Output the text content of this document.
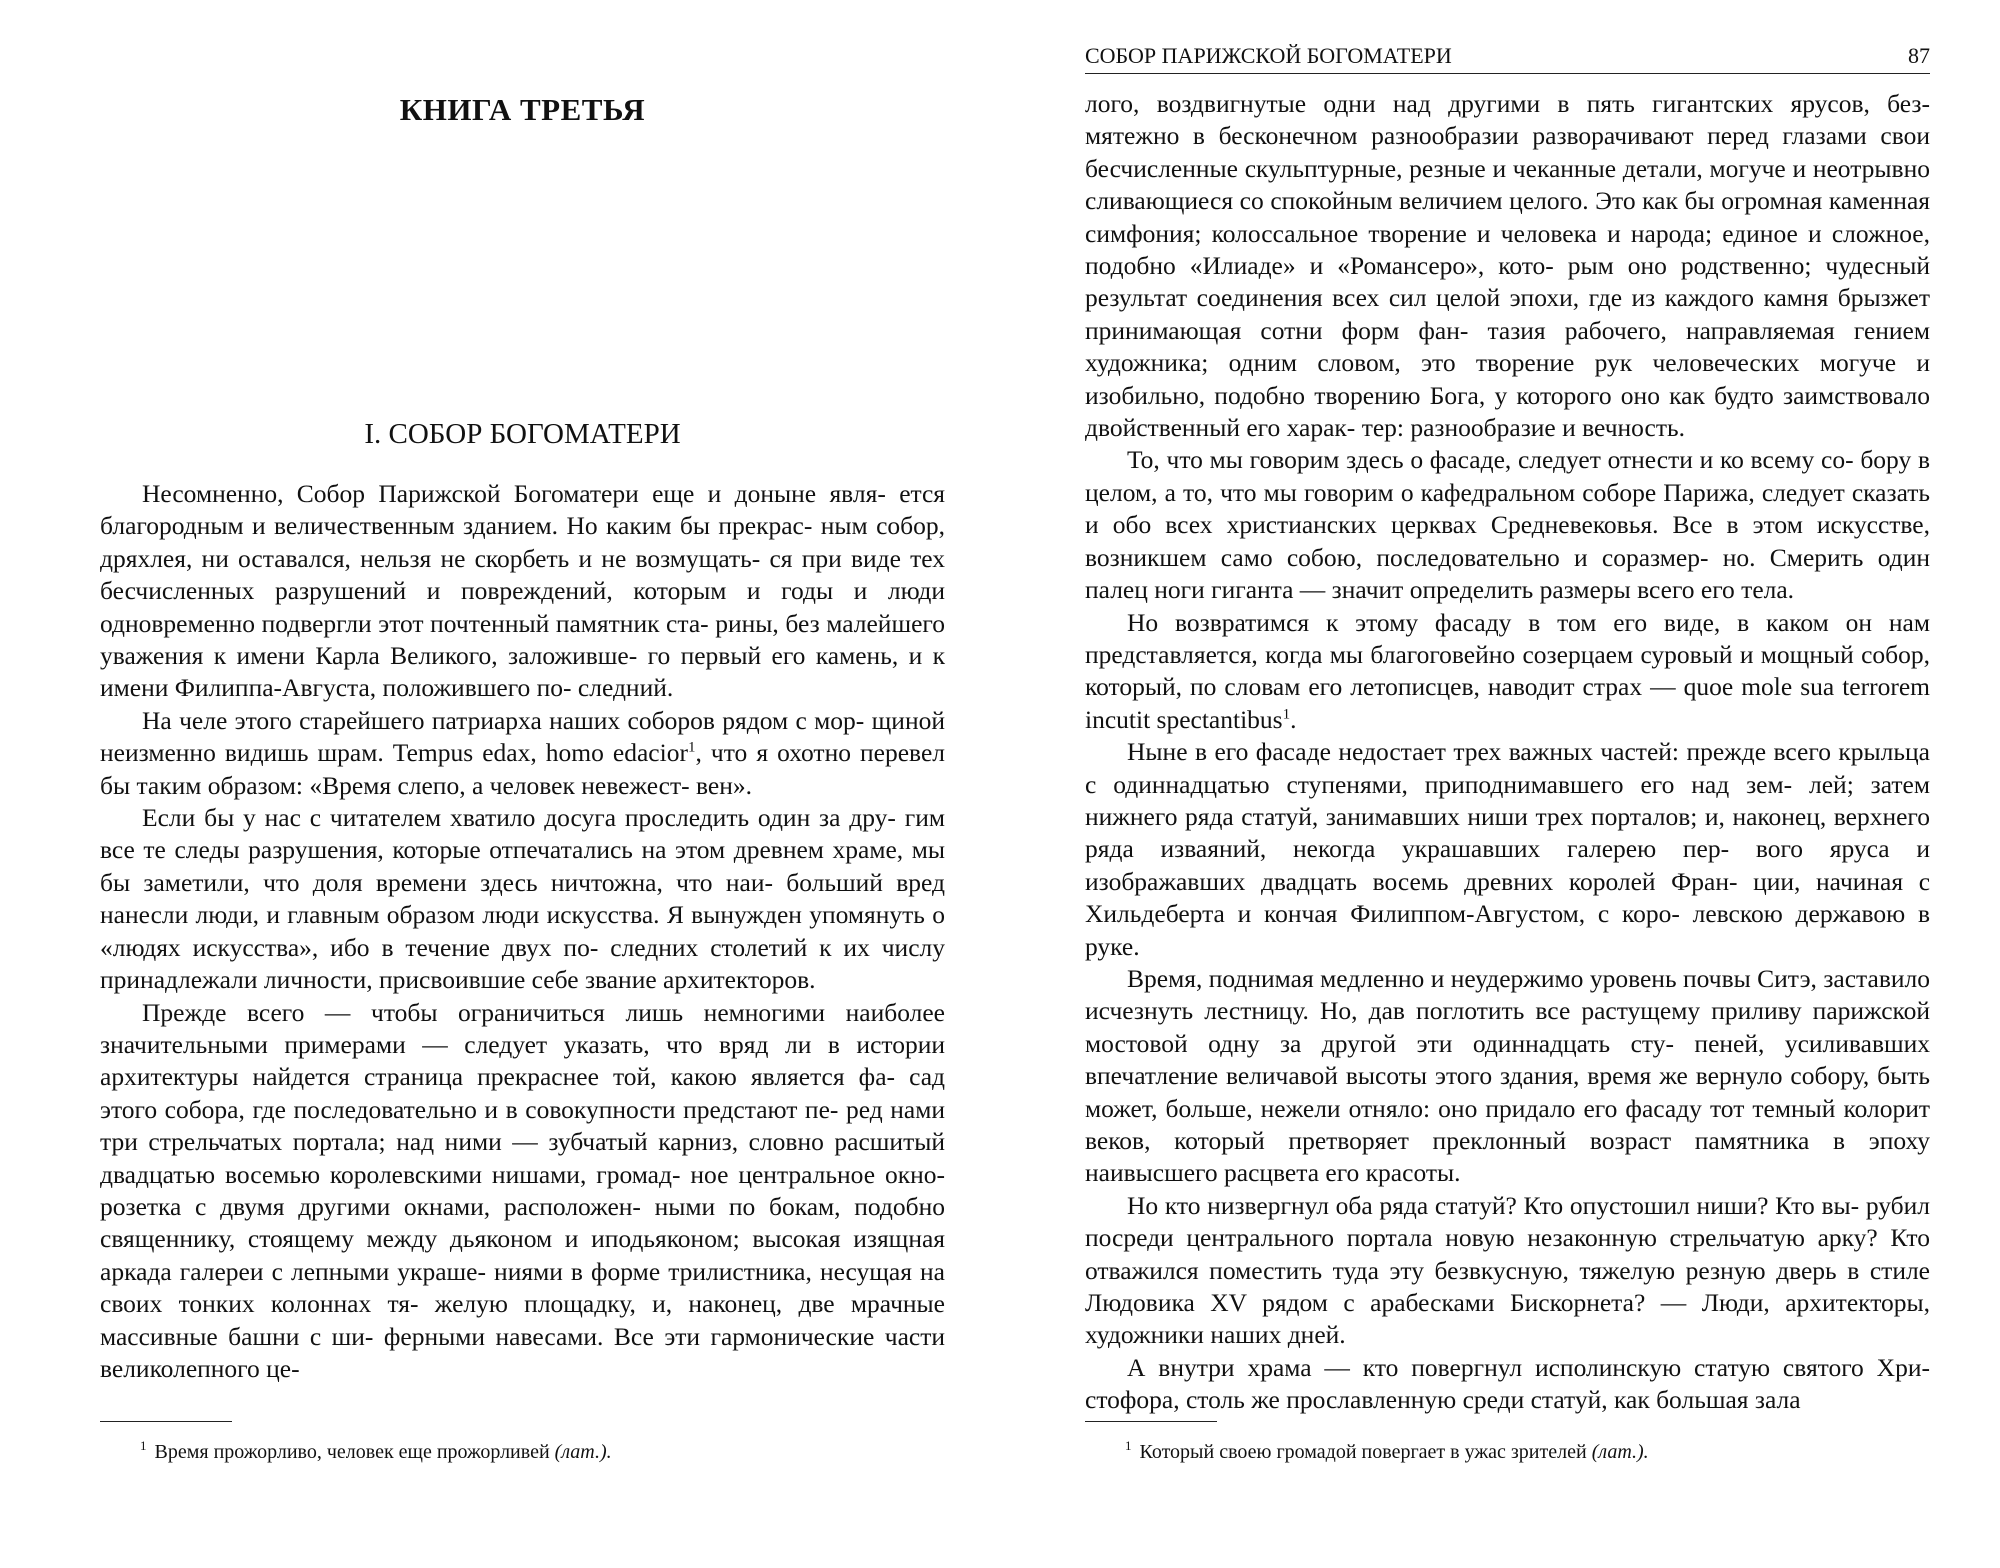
КНИГА ТРЕТЬЯ
I. СОБОР БОГОМАТЕРИ

Несомненно, Собор Парижской Богоматери еще и доныне явля- ется благородным и величественным зданием. Но каким бы прекрас- ным собор, дряхлея, ни оставался, нельзя не скорбеть и не возмущать- ся при виде тех бесчисленных разрушений и повреждений, которым и годы и люди одновременно подвергли этот почтенный памятник ста- рины, без малейшего уважения к имени Карла Великого, заложивше- го первый его камень, и к имени Филиппа-Августа, положившего по- следний.

На челе этого старейшего патриарха наших соборов рядом с мор- щиной неизменно видишь шрам. Tempus edax, homo edacior$^1$, что я охотно перевел бы таким образом: «Время слепо, а человек невежест- вен».

Если бы у нас с читателем хватило досуга проследить один за дру- гим все те следы разрушения, которые отпечатались на этом древнем храме, мы бы заметили, что доля времени здесь ничтожна, что наи- больший вред нанесли люди, и главным образом люди искусства. Я вынужден упомянуть о «людях искусства», ибо в течение двух по- следних столетий к их числу принадлежали личности, присвоившие себе звание архитекторов.

Прежде всего — чтобы ограничиться лишь немногими наиболее значительными примерами — следует указать, что вряд ли в истории архитектуры найдется страница прекраснее той, какою является фа- сад этого собора, где последовательно и в совокупности предстают пе- ред нами три стрельчатых портала; над ними — зубчатый карниз, словно расшитый двадцатью восемью королевскими нишами, громад- ное центральное окно-розетка с двумя другими окнами, расположен- ными по бокам, подобно священнику, стоящему между дьяконом и иподьяконом; высокая изящная аркада галереи с лепными украше- ниями в форме трилистника, несущая на своих тонких колоннах тя- желую площадку, и, наконец, две мрачные массивные башни с ши- ферными навесами. Все эти гармонические части великолепного це-

$^1$ Время прожорливо, человек еще прожорливей (лат.).
СОБОР ПАРИЖСКОЙ БОГОМАТЕРИ	87

лого, воздвигнутые одни над другими в пять гигантских ярусов, без- мятежно в бесконечном разнообразии разворачивают перед глазами свои бесчисленные скульптурные, резные и чеканные детали, могуче и неотрывно сливающиеся со спокойным величием целого. Это как бы огромная каменная симфония; колоссальное творение и человека и народа; единое и сложное, подобно «Илиаде» и «Романсеро», кото- рым оно родственно; чудесный результат соединения всех сил целой эпохи, где из каждого камня брызжет принимающая сотни форм фан- тазия рабочего, направляемая гением художника; одним словом, это творение рук человеческих могуче и изобильно, подобно творению Бога, у которого оно как будто заимствовало двойственный его харак- тер: разнообразие и вечность.

То, что мы говорим здесь о фасаде, следует отнести и ко всему со- бору в целом, а то, что мы говорим о кафедральном соборе Парижа, следует сказать и обо всех христианских церквах Средневековья. Все в этом искусстве, возникшем само собою, последовательно и соразмер- но. Смерить один палец ноги гиганта — значит определить размеры всего его тела.

Но возвратимся к этому фасаду в том его виде, в каком он нам представляется, когда мы благоговейно созерцаем суровый и мощный собор, который, по словам его летописцев, наводит страх — quoe mole sua terrorem incutit spectantibus$^1$.

Ныне в его фасаде недостает трех важных частей: прежде всего крыльца с одиннадцатью ступенями, приподнимавшего его над зем- лей; затем нижнего ряда статуй, занимавших ниши трех порталов; и, наконец, верхнего ряда изваяний, некогда украшавших галерею пер- вого яруса и изображавших двадцать восемь древних королей Фран- ции, начиная с Хильдеберта и кончая Филиппом-Августом, с коро- левскою державою в руке.

Время, поднимая медленно и неудержимо уровень почвы Ситэ, заставило исчезнуть лестницу. Но, дав поглотить все растущему приливу парижской мостовой одну за другой эти одиннадцать сту- пеней, усиливавших впечатление величавой высоты этого здания, время же вернуло собору, быть может, больше, нежели отняло: оно придало его фасаду тот темный колорит веков, который претворяет преклонный возраст памятника в эпоху наивысшего расцвета его красоты.

Но кто низвергнул оба ряда статуй? Кто опустошил ниши? Кто вы- рубил посреди центрального портала новую незаконную стрельчатую арку? Кто отважился поместить туда эту безвкусную, тяжелую резную дверь в стиле Людовика XV рядом с арабесками Бискорнета? — Люди, архитекторы, художники наших дней.

А внутри храма — кто повергнул исполинскую статую святого Хри- стофора, столь же прославленную среди статуй, как большая зала

$^1$ Который своею громадой повергает в ужас зрителей (лат.).
